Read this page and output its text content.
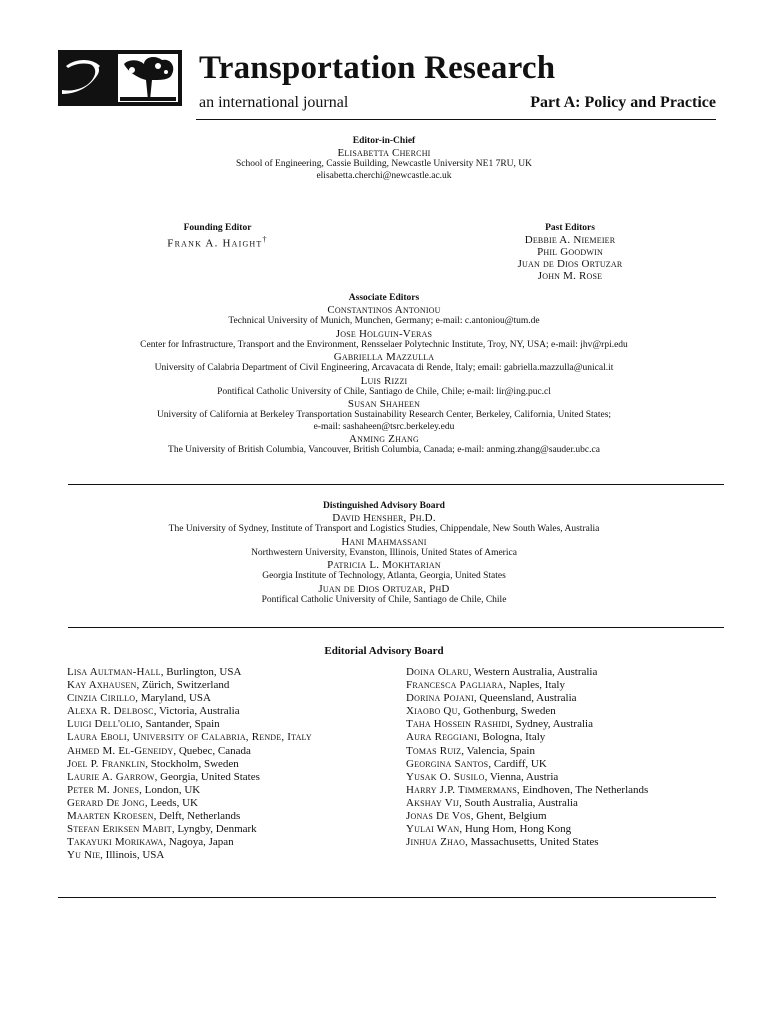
Transportation Research
an international journal	Part A: Policy and Practice
Editor-in-Chief
Elisabetta Cherchi
School of Engineering, Cassie Building, Newcastle University NE1 7RU, UK
elisabetta.cherchi@newcastle.ac.uk
Founding Editor
Frank A. Haight†
Past Editors
Debbie A. Niemeier
Phil Goodwin
Juan de Dios Ortuzar
John M. Rose
Associate Editors
Constantinos Antoniou
Technical University of Munich, Munchen, Germany; e-mail: c.antoniou@tum.de
Jose Holguin-Veras
Center for Infrastructure, Transport and the Environment, Rensselaer Polytechnic Institute, Troy, NY, USA; e-mail: jhv@rpi.edu
Gabriella Mazzulla
University of Calabria Department of Civil Engineering, Arcavacata di Rende, Italy; email: gabriella.mazzulla@unical.it
Luis Rizzi
Pontifical Catholic University of Chile, Santiago de Chile, Chile; e-mail: lir@ing.puc.cl
Susan Shaheen
University of California at Berkeley Transportation Sustainability Research Center, Berkeley, California, United States;
e-mail: sashaheen@tsrc.berkeley.edu
Anming Zhang
The University of British Columbia, Vancouver, British Columbia, Canada; e-mail: anming.zhang@sauder.ubc.ca
Distinguished Advisory Board
David Hensher, Ph.D.
The University of Sydney, Institute of Transport and Logistics Studies, Chippendale, New South Wales, Australia
Hani Mahmassani
Northwestern University, Evanston, Illinois, United States of America
Patricia L. Mokhtarian
Georgia Institute of Technology, Atlanta, Georgia, United States
Juan de Dios Ortuzar, PhD
Pontifical Catholic University of Chile, Santiago de Chile, Chile
Editorial Advisory Board
Lisa Aultman-Hall, Burlington, USA
Kay Axhausen, Zürich, Switzerland
Cinzia Cirillo, Maryland, USA
Alexa R. Delbosc, Victoria, Australia
Luigi Dell'olio, Santander, Spain
Laura Eboli, University of Calabria, Rende, Italy
Ahmed M. El-Geneidy, Quebec, Canada
Joel P. Franklin, Stockholm, Sweden
Laurie A. Garrow, Georgia, United States
Peter M. Jones, London, UK
Gerard De Jong, Leeds, UK
Maarten Kroesen, Delft, Netherlands
Stefan Eriksen Mabit, Lyngby, Denmark
Takayuki Morikawa, Nagoya, Japan
Yu Nie, Illinois, USA
Doina Olaru, Western Australia, Australia
Francesca Pagliara, Naples, Italy
Dorina Pojani, Queensland, Australia
Xiaobo Qu, Gothenburg, Sweden
Taha Hossein Rashidi, Sydney, Australia
Aura Reggiani, Bologna, Italy
Tomas Ruiz, Valencia, Spain
Georgina Santos, Cardiff, UK
Yusak O. Susilo, Vienna, Austria
Harry J.P. Timmermans, Eindhoven, The Netherlands
Akshay Vij, South Australia, Australia
Jonas De Vos, Ghent, Belgium
Yulai Wan, Hung Hom, Hong Kong
Jinhua Zhao, Massachusetts, United States
